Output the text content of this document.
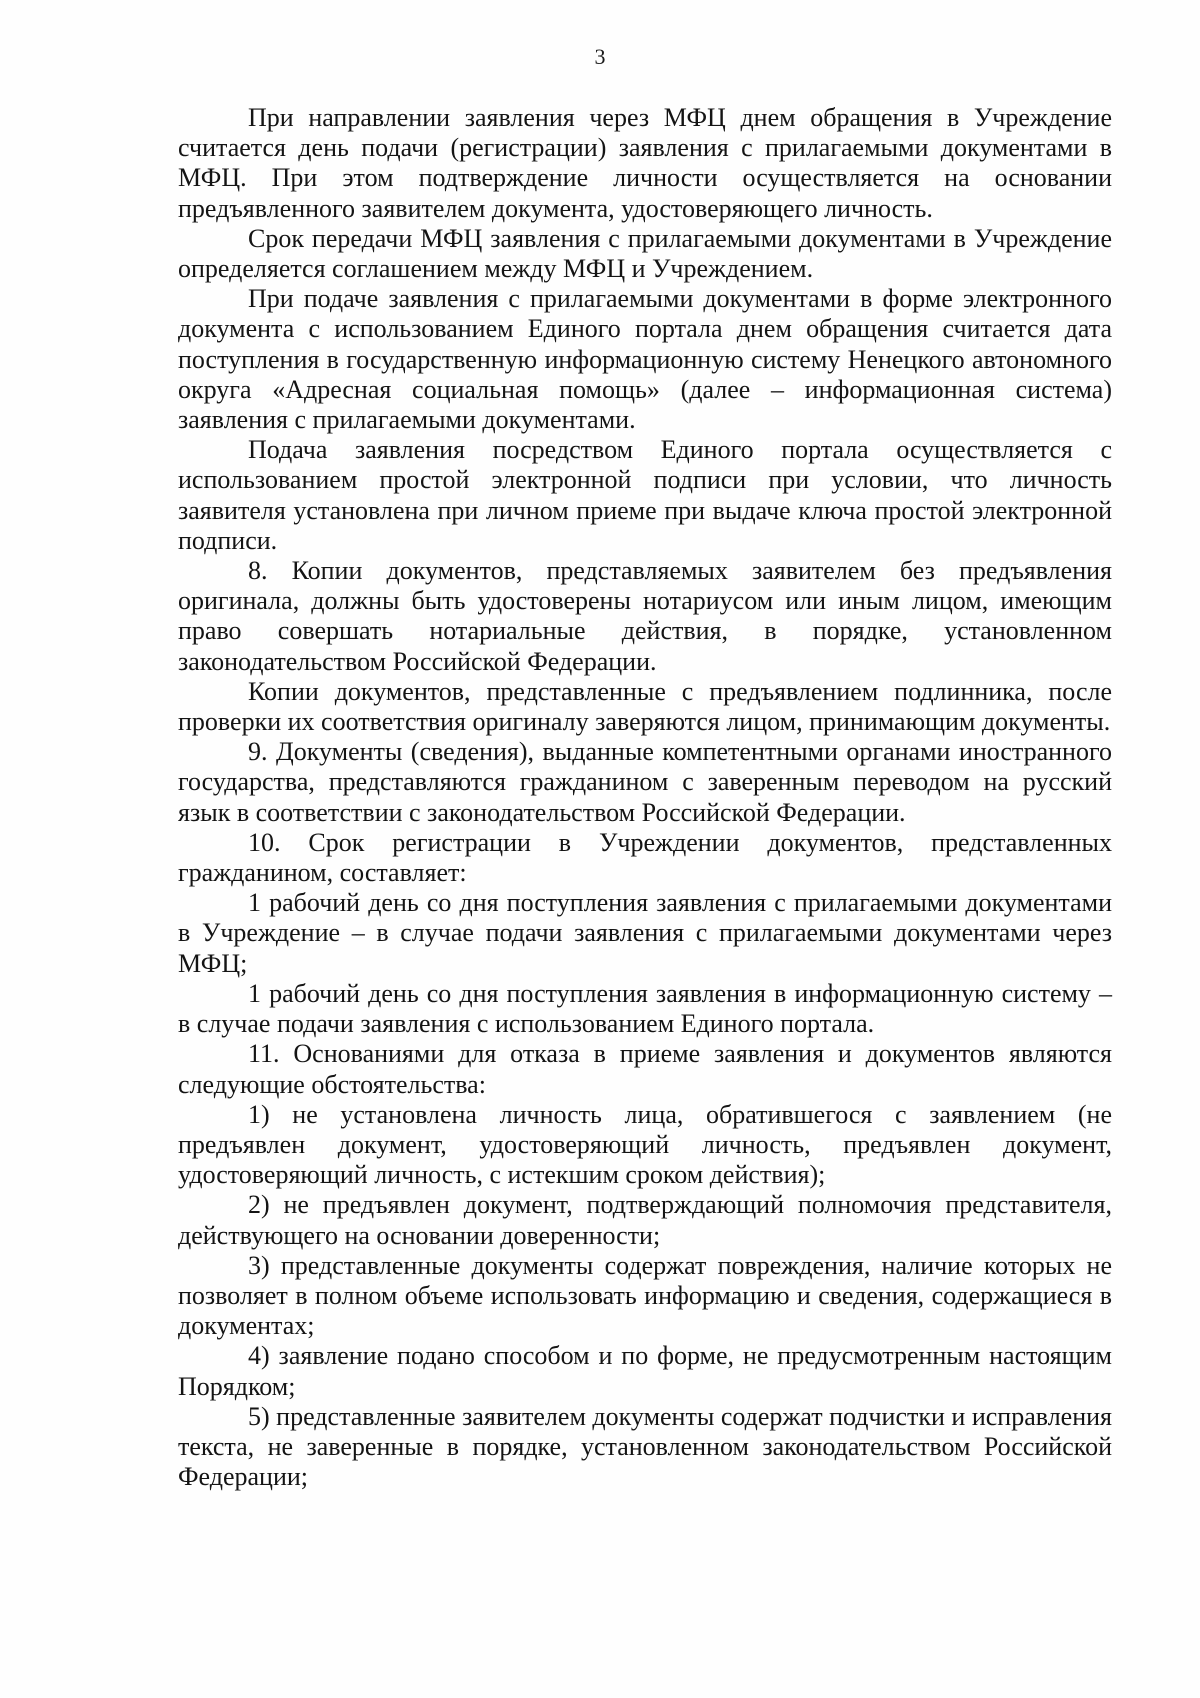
3

При направлении заявления через МФЦ днем обращения в Учреждение считается день подачи (регистрации) заявления с прилагаемыми документами в МФЦ. При этом подтверждение личности осуществляется на основании предъявленного заявителем документа, удостоверяющего личность.

Срок передачи МФЦ заявления с прилагаемыми документами в Учреждение определяется соглашением между МФЦ и Учреждением.

При подаче заявления с прилагаемыми документами в форме электронного документа с использованием Единого портала днем обращения считается дата поступления в государственную информационную систему Ненецкого автономного округа «Адресная социальная помощь» (далее – информационная система) заявления с прилагаемыми документами.

Подача заявления посредством Единого портала осуществляется с использованием простой электронной подписи при условии, что личность заявителя установлена при личном приеме при выдаче ключа простой электронной подписи.

8. Копии документов, представляемых заявителем без предъявления оригинала, должны быть удостоверены нотариусом или иным лицом, имеющим право совершать нотариальные действия, в порядке, установленном законодательством Российской Федерации.

Копии документов, представленные с предъявлением подлинника, после проверки их соответствия оригиналу заверяются лицом, принимающим документы.

9. Документы (сведения), выданные компетентными органами иностранного государства, представляются гражданином с заверенным переводом на русский язык в соответствии с законодательством Российской Федерации.

10. Срок регистрации в Учреждении документов, представленных гражданином, составляет:

1 рабочий день со дня поступления заявления с прилагаемыми документами в Учреждение – в случае подачи заявления с прилагаемыми документами через МФЦ;

1 рабочий день со дня поступления заявления в информационную систему – в случае подачи заявления с использованием Единого портала.

11. Основаниями для отказа в приеме заявления и документов являются следующие обстоятельства:

1) не установлена личность лица, обратившегося с заявлением (не предъявлен документ, удостоверяющий личность, предъявлен документ, удостоверяющий личность, с истекшим сроком действия);

2) не предъявлен документ, подтверждающий полномочия представителя, действующего на основании доверенности;

3) представленные документы содержат повреждения, наличие которых не позволяет в полном объеме использовать информацию и сведения, содержащиеся в документах;

4) заявление подано способом и по форме, не предусмотренным настоящим Порядком;

5) представленные заявителем документы содержат подчистки и исправления текста, не заверенные в порядке, установленном законодательством Российской Федерации;
